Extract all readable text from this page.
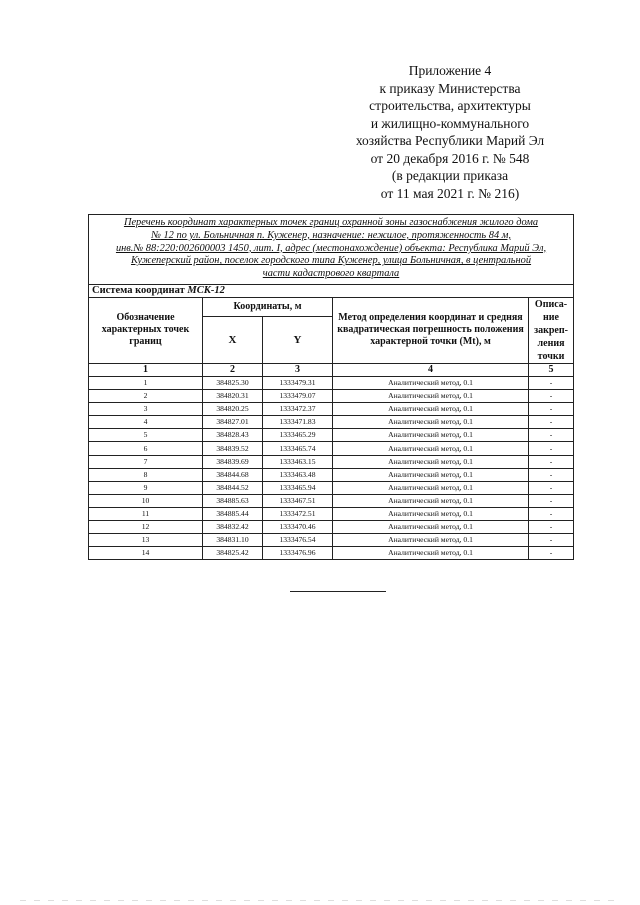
Приложение 4
к приказу Министерства
строительства, архитектуры
и жилищно-коммунального
хозяйства Республики Марий Эл
от 20 декабря 2016 г. № 548
(в редакции приказа
от 11 мая 2021 г. № 216)
Перечень координат характерных точек границ охранной зоны газоснабжения жилого дома
№ 12 по ул. Больничная п. Куженер, назначение: нежилое, протяженность 84 м,
инв.№ 88:220:002600003 1450, лит. I, адрес (местонахождение) объекта: Республика Марий Эл,
Кужenерский район, поселок городского типа Куженер, улица Больничная, в центральной
части кадастрового квартала				

Система координат МСК-12				
Обозначение характерных точек границ	Координаты, м		Метод определения координат и средняя квадратическая погрешность положения характерной точки (Mt), м	Описа-ние закреп-ления точки
	X	Y		
1	2	3	4	5
1	384825.30	1333479.31	Аналитический метод, 0.1	-
2	384820.31	1333479.07	Аналитический метод, 0.1	-
3	384820.25	1333472.37	Аналитический метод, 0.1	-
4	384827.01	1333471.83	Аналитический метод, 0.1	-
5	384828.43	1333465.29	Аналитический метод, 0.1	-
6	384839.52	1333465.74	Аналитический метод, 0.1	-
7	384839.69	1333463.15	Аналитический метод, 0.1	-
8	384844.68	1333463.48	Аналитический метод, 0.1	-
9	384844.52	1333465.94	Аналитический метод, 0.1	-
10	384885.63	1333467.51	Аналитический метод, 0.1	-
11	384885.44	1333472.51	Аналитический метод, 0.1	-
12	384832.42	1333470.46	Аналитический метод, 0.1	-
13	384831.10	1333476.54	Аналитический метод, 0.1	-
14	384825.42	1333476.96	Аналитический метод, 0.1	-
